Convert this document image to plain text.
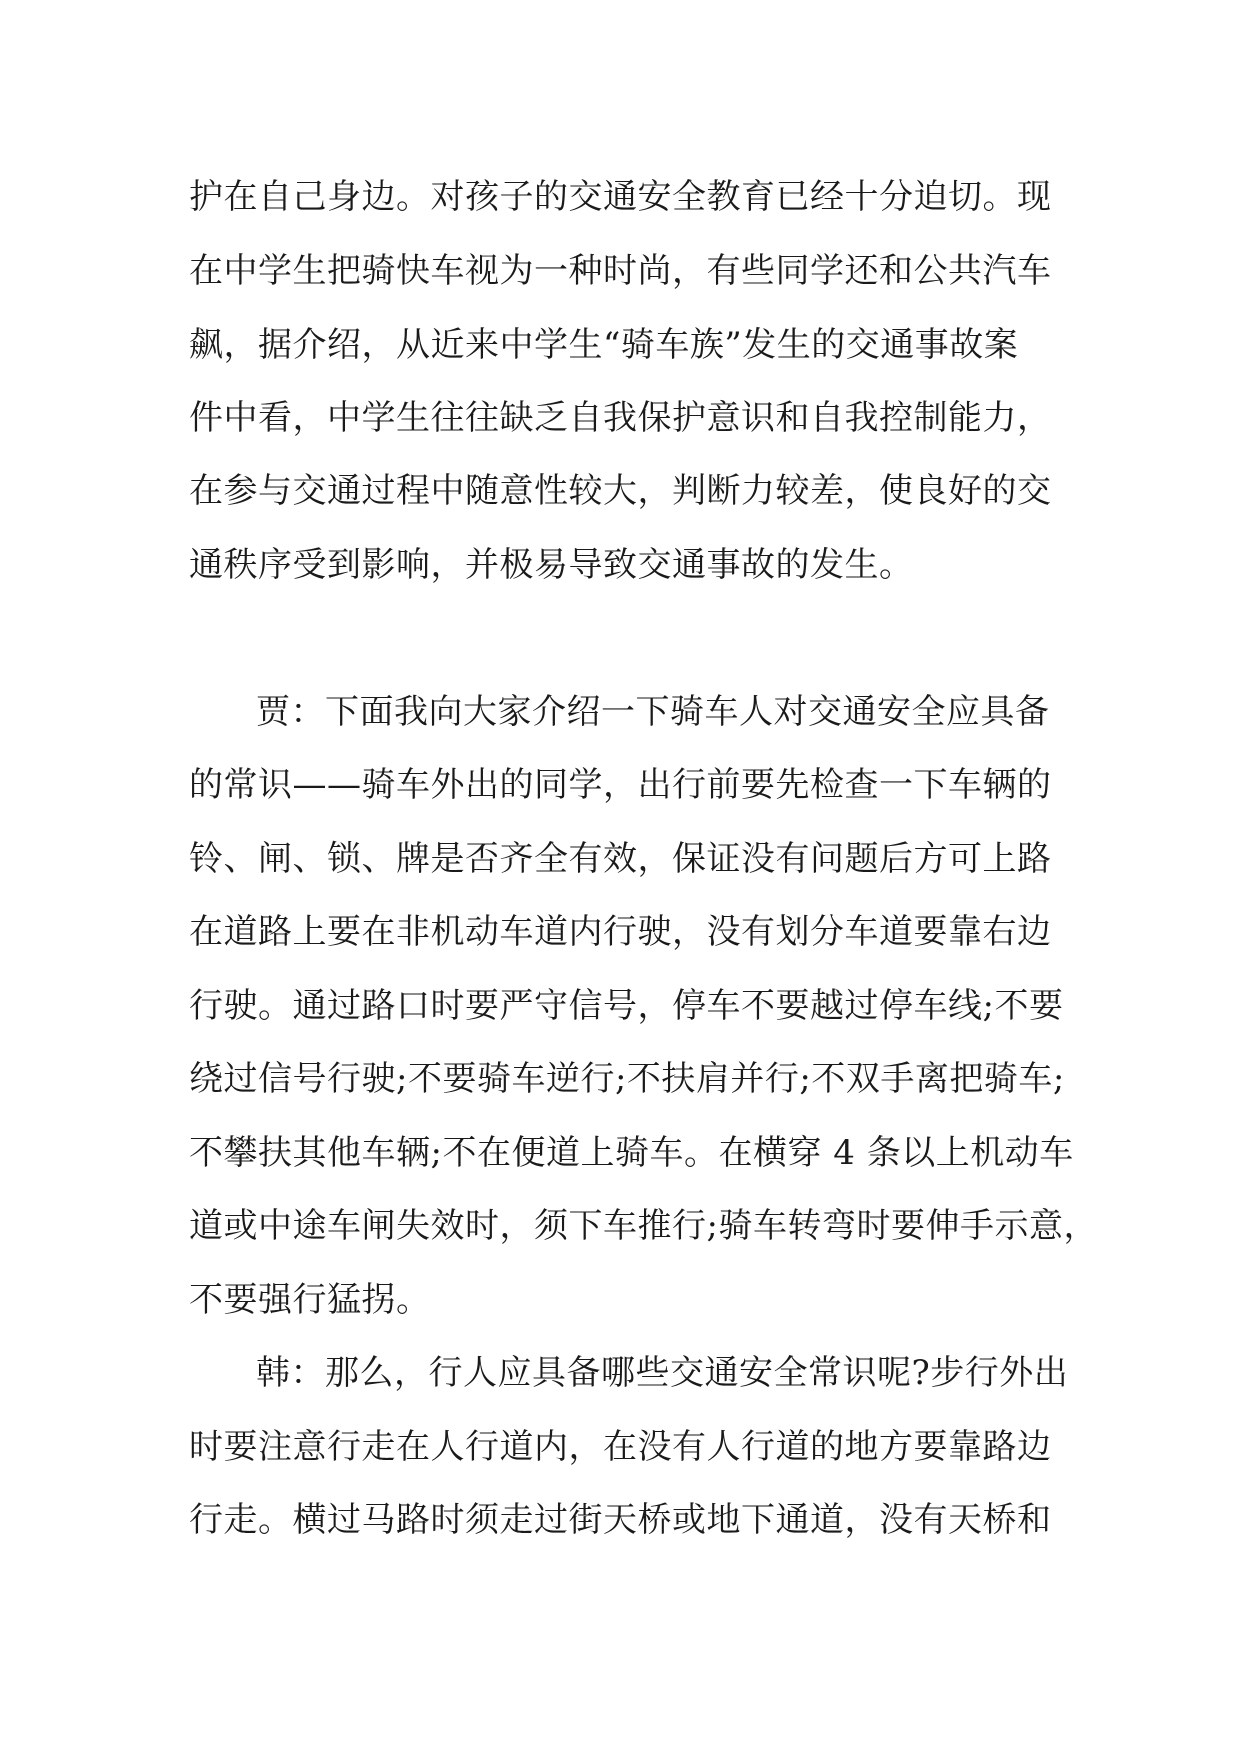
护在自己身边。对孩子的交通安全教育已经十分迫切。现
在中学生把骑快车视为一种时尚，有些同学还和公共汽车
飙，据介绍，从近来中学生“骑车族”发生的交通事故案
件中看，中学生往往缺乏自我保护意识和自我控制能力，
在参与交通过程中随意性较大，判断力较差，使良好的交
通秩序受到影响，并极易导致交通事故的发生。
贾：下面我向大家介绍一下骑车人对交通安全应具备
的常识——骑车外出的同学，出行前要先检查一下车辆的
铃、闸、锁、牌是否齐全有效，保证没有问题后方可上路
在道路上要在非机动车道内行驶，没有划分车道要靠右边
行驶。通过路口时要严守信号，停车不要越过停车线;不要
绕过信号行驶;不要骑车逆行;不扶肩并行;不双手离把骑车;
不攀扶其他车辆;不在便道上骑车。在横穿 4 条以上机动车
道或中途车闸失效时，须下车推行;骑车转弯时要伸手示意，
不要强行猛拐。
韩：那么，行人应具备哪些交通安全常识呢?步行外出
时要注意行走在人行道内，在没有人行道的地方要靠路边
行走。横过马路时须走过街天桥或地下通道，没有天桥和
